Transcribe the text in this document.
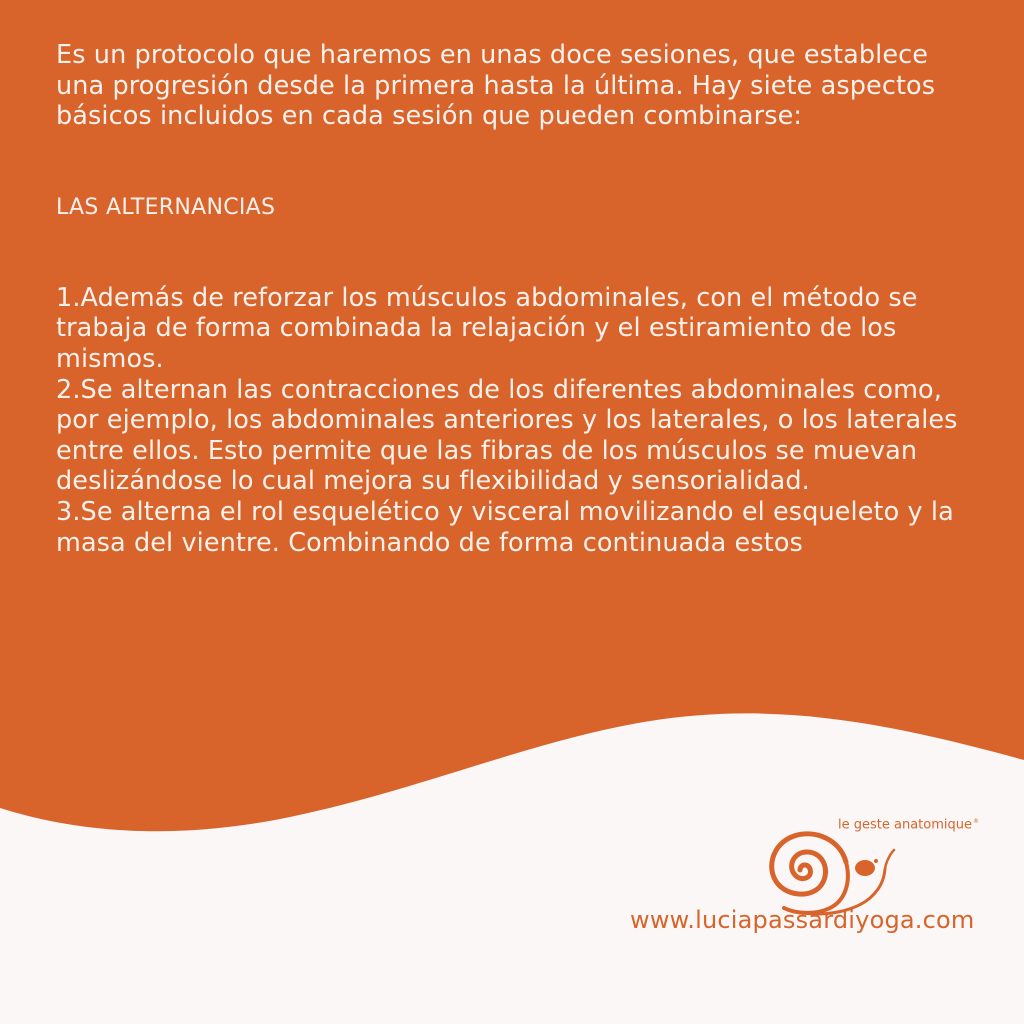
Es un protocolo que haremos en unas doce sesiones, que establece una progresión desde la primera hasta la última. Hay siete aspectos básicos incluidos en cada sesión que pueden combinarse:

LAS ALTERNANCIAS

1.Además de reforzar los músculos abdominales, con el método se trabaja de forma combinada la relajación y el estiramiento de los mismos.

2.Se alternan las contracciones de los diferentes abdominales como, por ejemplo, los abdominales anteriores y los laterales, o los laterales entre ellos. Esto permite que las fibras de los músculos se muevan deslizándose lo cual mejora su flexibilidad y sensorialidad.

3.Se alterna el rol esquelético y visceral movilizando el esqueleto y la masa del vientre. Combinando de forma continuada estos

le geste anatomique®
www.luciapassardiyoga.com
